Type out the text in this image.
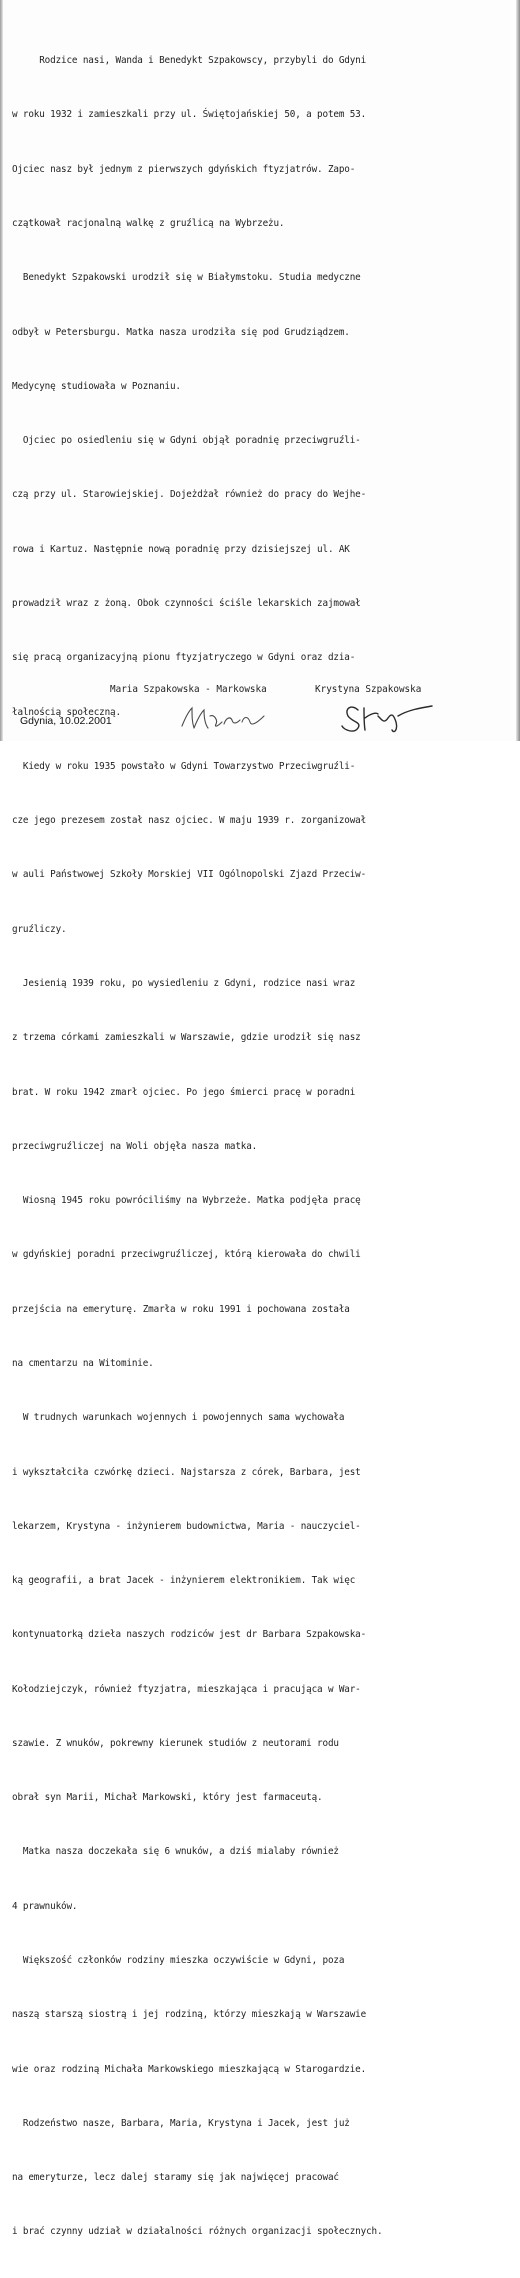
Rodzice nasi, Wanda i Benedykt Szpakowscy, przybyli do Gdyni

w roku 1932 i zamieszkali przy ul. Świętojańskiej 50, a potem 53.

Ojciec nasz był jednym z pierwszych gdyńskich ftyzjatrów. Zapo-

czątkował racjonalną walkę z gruźlicą na Wybrzeżu.

Benedykt Szpakowski urodził się w Białymstoku. Studia medyczne

odbył w Petersburgu. Matka nasza urodziła się pod Grudziądzem.

Medycynę studiowała w Poznaniu.

Ojciec po osiedleniu się w Gdyni objął poradnię przeciwgruźli-

czą przy ul. Starowiejskiej. Dojeżdżał również do pracy do Wejhe-

rowa i Kartuz. Następnie nową poradnię przy dzisiejszej ul. AK

prowadził wraz z żoną. Obok czynności ściśle lekarskich zajmował

się pracą organizacyjną pionu ftyzjatryczego w Gdyni oraz dzia-

łalnością społeczną.

Kiedy w roku 1935 powstało w Gdyni Towarzystwo Przeciwgruźli-

cze jego prezesem został nasz ojciec. W maju 1939 r. zorganizował

w auli Państwowej Szkoły Morskiej VII Ogólnopolski Zjazd Przeciw-

gruźliczy.

Jesienią 1939 roku, po wysiedleniu z Gdyni, rodzice nasi wraz

z trzema córkami zamieszkali w Warszawie, gdzie urodził się nasz

brat. W roku 1942 zmarł ojciec. Po jego śmierci pracę w poradni

przeciwgruźliczej na Woli objęła nasza matka.

Wiosną 1945 roku powróciliśmy na Wybrzeże. Matka podjęła pracę

w gdyńskiej poradni przeciwgruźliczej, którą kierowała do chwili

przejścia na emeryturę. Zmarła w roku 1991 i pochowana została

na cmentarzu na Witominie.

W trudnych warunkach wojennych i powojennych sama wychowała

i wykształciła czwórkę dzieci. Najstarsza z córek, Barbara, jest

lekarzem, Krystyna - inżynierem budownictwa, Maria - nauczyciel-

ką geografii, a brat Jacek - inżynierem elektronikiem. Tak więc

kontynuatorką dzieła naszych rodziców jest dr Barbara Szpakowska-

Kołodziejczyk, również ftyzjatra, mieszkająca i pracująca w War-

szawie. Z wnuków, pokrewny kierunek studiów z neutorami rodu

obrał syn Marii, Michał Markowski, który jest farmaceutą.

Matka nasza doczekała się 6 wnuków, a dziś mialaby również

4 prawnuków.

Większość członków rodziny mieszka oczywiście w Gdyni, poza

naszą starszą siostrą i jej rodziną, którzy mieszkają w Warszawie

wie oraz rodziną Michała Markowskiego mieszkającą w Starogardzie.

Rodzeństwo nasze, Barbara, Maria, Krystyna i Jacek, jest już

na emeryturze, lecz dalej staramy się jak najwięcej pracować

i brać czynny udział w działalności różnych organizacji społecznych.

Maria Szpakowska - Markowska

	Krystyna Szpakowska

Gdynia, 10.02.2001
